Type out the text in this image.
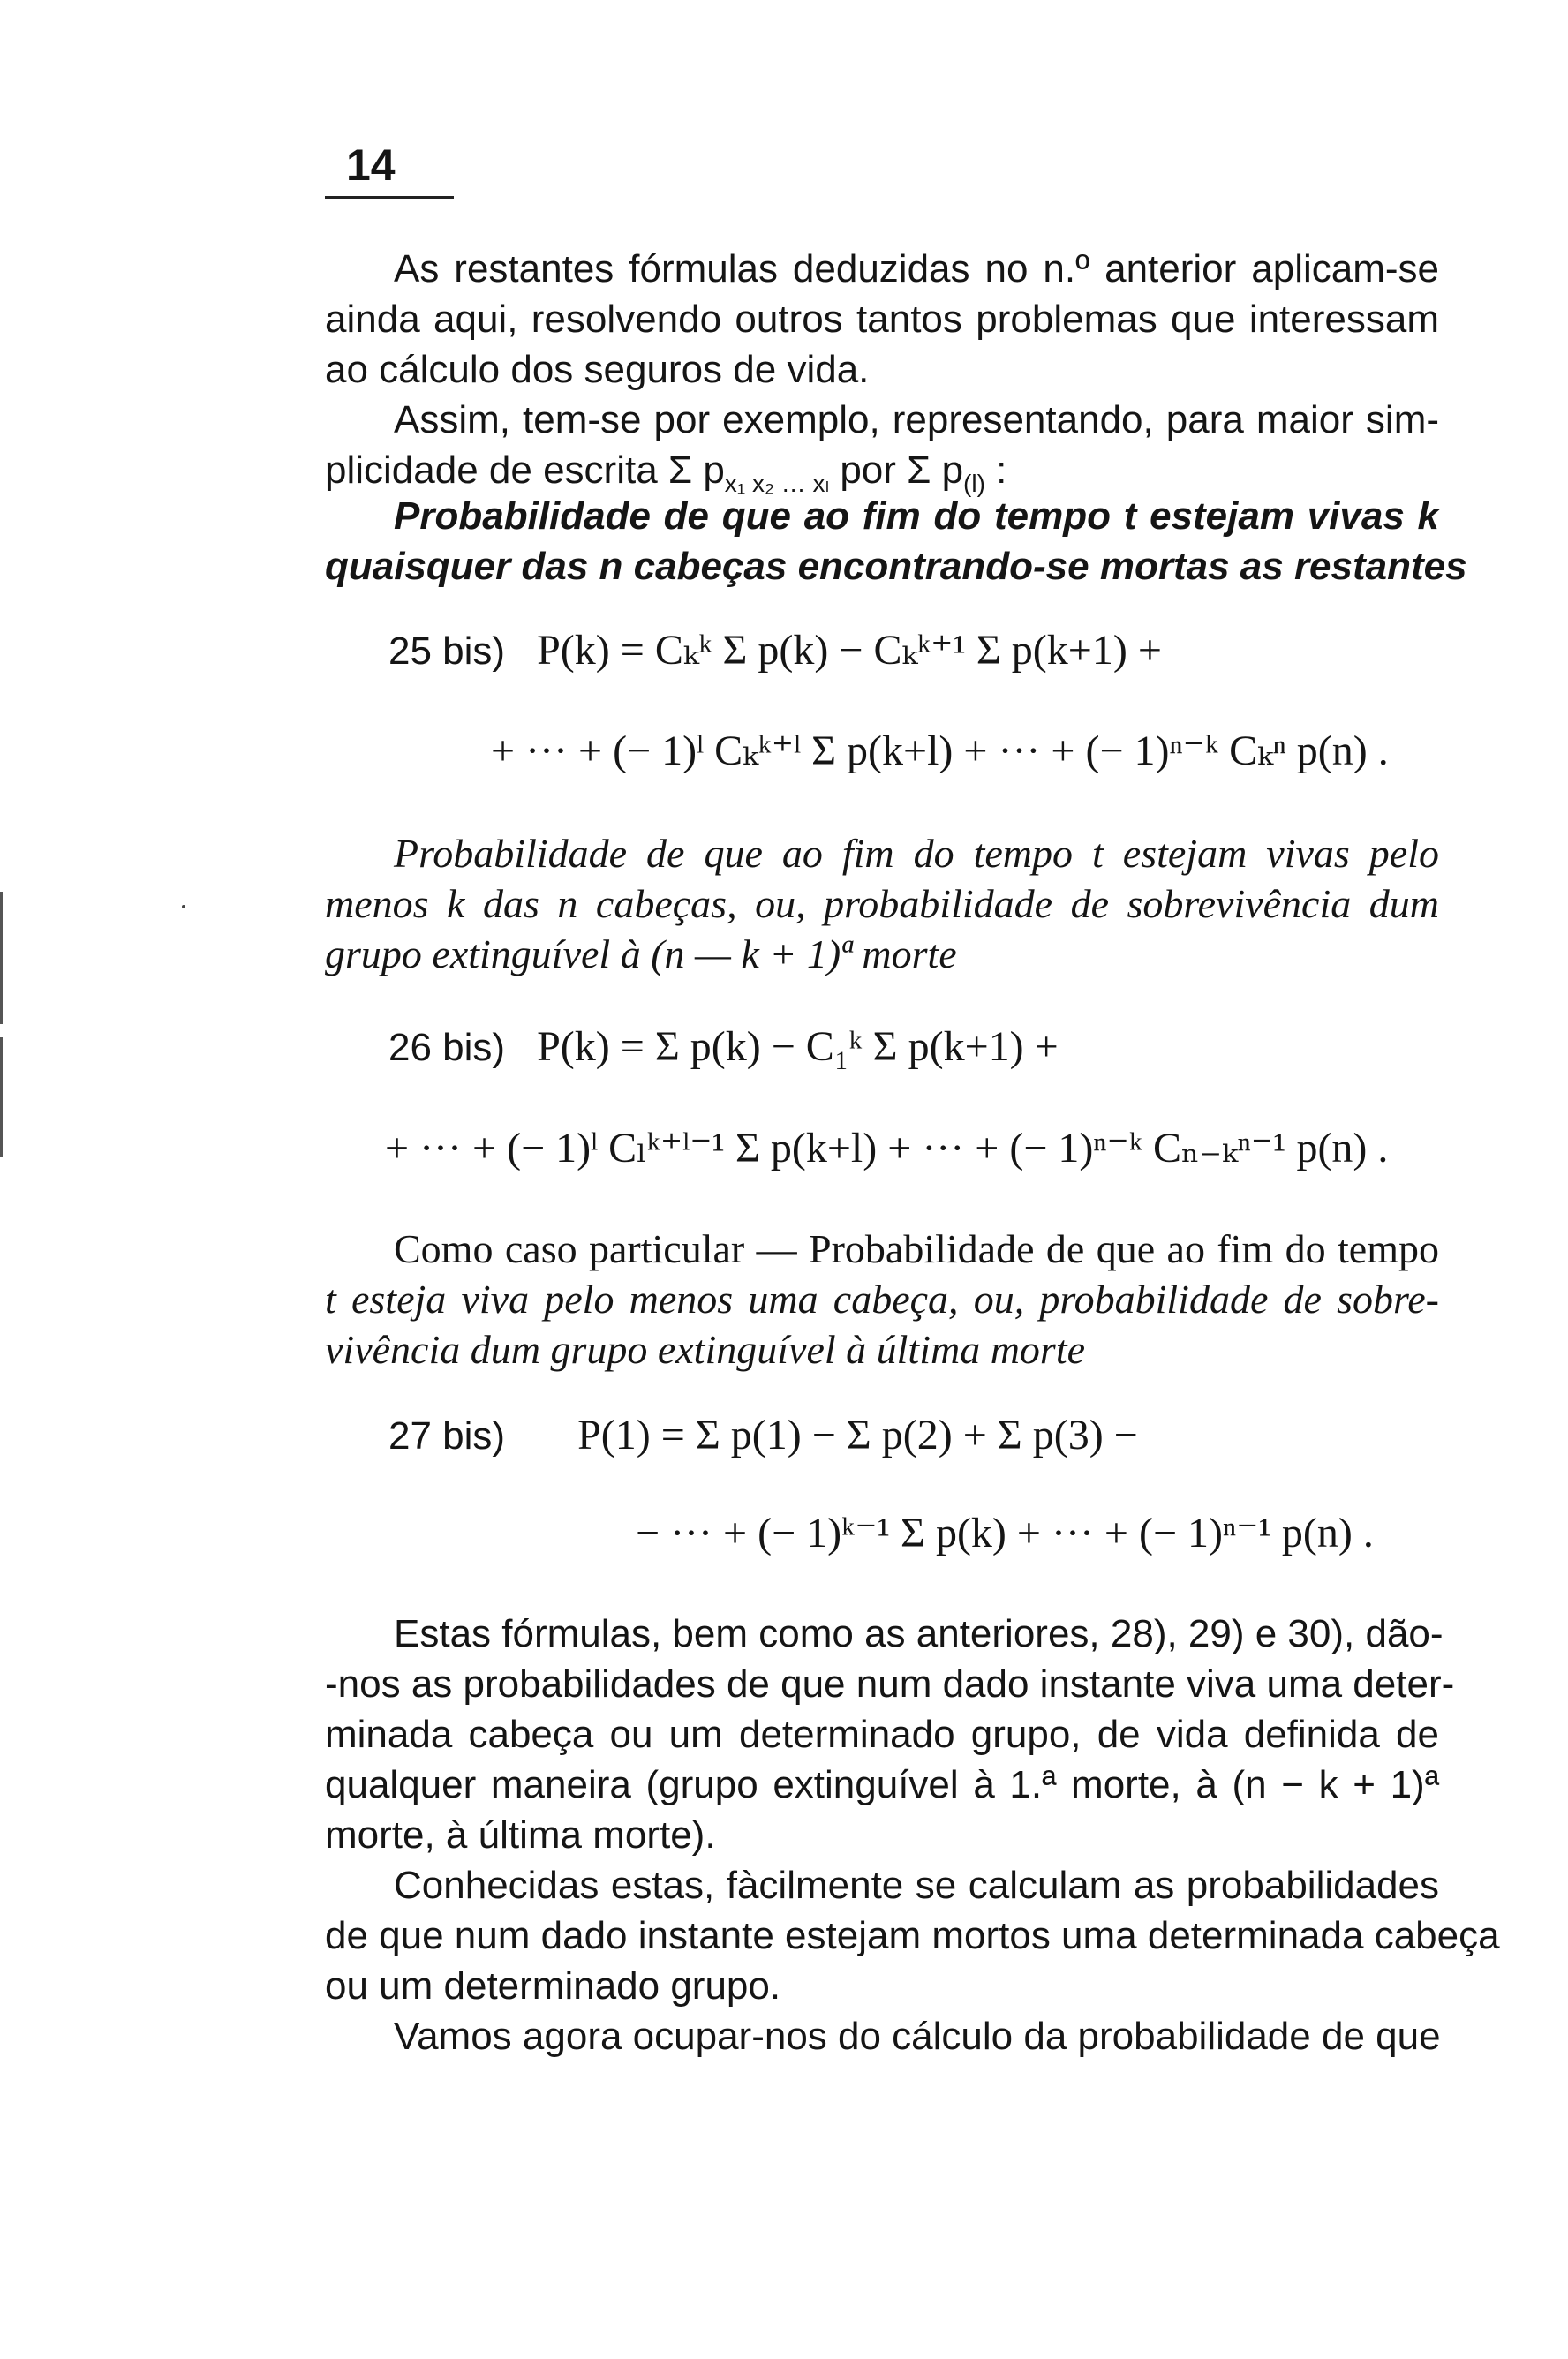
14
As restantes fórmulas deduzidas no n.º anterior aplicam-se
ainda aqui, resolvendo outros tantos problemas que interessam
ao cálculo dos seguros de vida.
Assim, tem-se por exemplo, representando, para maior sim-
plicidade de escrita Σ $p_{x_1 x_2 \dots x_l}$ por Σ $p_{(l)}$ :
Probabilidade de que ao fim do tempo t estejam vivas k
quaisquer das n cabeças encontrando-se mortas as restantes
25 bis) P(k) = Cₖᵏ Σ p(k) − Cₖᵏ⁺¹ Σ p(k+1) +
+ ··· + (− 1)ˡ Cₖᵏ⁺ˡ Σ p(k+l) + ··· + (− 1)ⁿ⁻ᵏ Cₖⁿ p(n) .
Probabilidade de que ao fim do tempo t estejam vivas pelo
menos k das n cabeças, ou, probabilidade de sobrevivência dum
grupo extinguível à (n — k + 1)ª morte
26 bis) P(k) = Σ p(k) − C₁ᵏ Σ p(k+1) +
+ ··· + (− 1)ˡ Cₗᵏ⁺ˡ⁻¹ Σ p(k+l) + ··· + (− 1)ⁿ⁻ᵏ Cₙ₋ₖⁿ⁻¹ p(n) .
Como caso particular — Probabilidade de que ao fim do tempo
t esteja viva pelo menos uma cabeça, ou, probabilidade de sobre-
vivência dum grupo extinguível à última morte
27 bis) P(1) = Σ p(1) − Σ p(2) + Σ p(3) −
− ··· + (− 1)ᵏ⁻¹ Σ p(k) + ··· + (− 1)ⁿ⁻¹ p(n) .
Estas fórmulas, bem como as anteriores, 28), 29) e 30), dão-
-nos as probabilidades de que num dado instante viva uma deter-
minada cabeça ou um determinado grupo, de vida definida de
qualquer maneira (grupo extinguível à 1.ª morte, à (n − k + 1)ª
morte, à última morte).
Conhecidas estas, fàcilmente se calculam as probabilidades
de que num dado instante estejam mortos uma determinada cabeça
ou um determinado grupo.
Vamos agora ocupar-nos do cálculo da probabilidade de que
